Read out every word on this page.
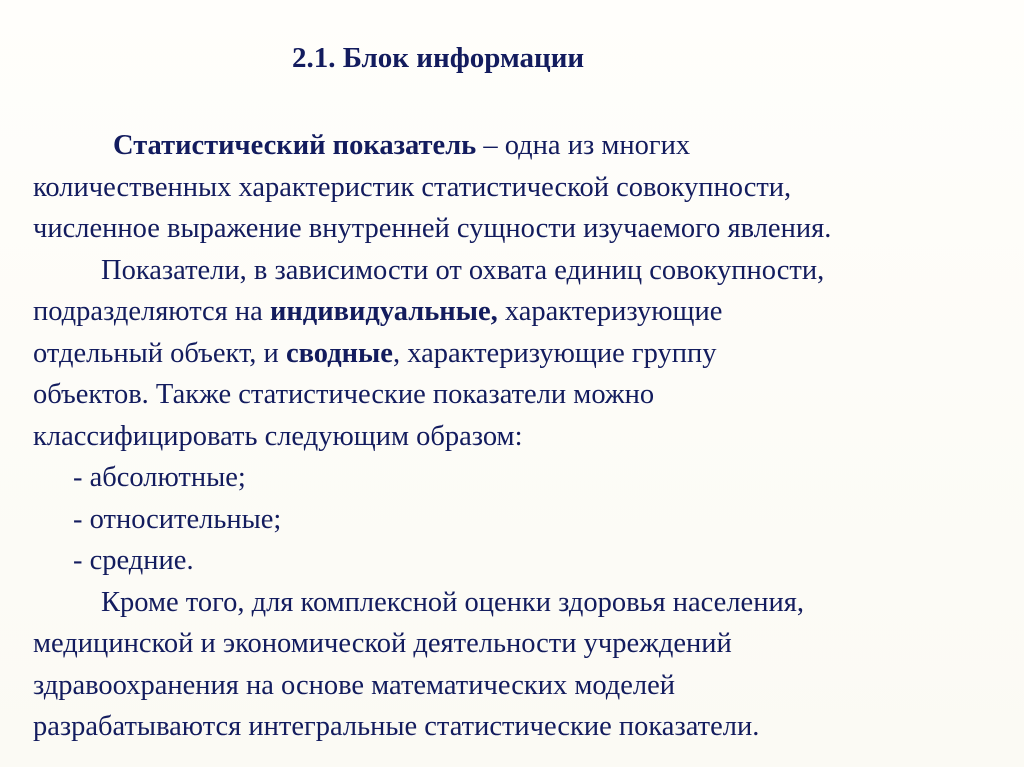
2.1. Блок информации
Статистический показатель – одна из многих
количественных характеристик статистической совокупности,
численное выражение внутренней сущности изучаемого явления.
Показатели, в зависимости от охвата единиц совокупности,
подразделяются на индивидуальные, характеризующие
отдельный объект, и сводные, характеризующие группу
объектов. Также статистические показатели можно
классифицировать следующим образом:
- абсолютные;
- относительные;
- средние.
Кроме того, для комплексной оценки здоровья населения,
медицинской и экономической деятельности учреждений
здравоохранения на основе математических моделей
разрабатываются интегральные статистические показатели.
